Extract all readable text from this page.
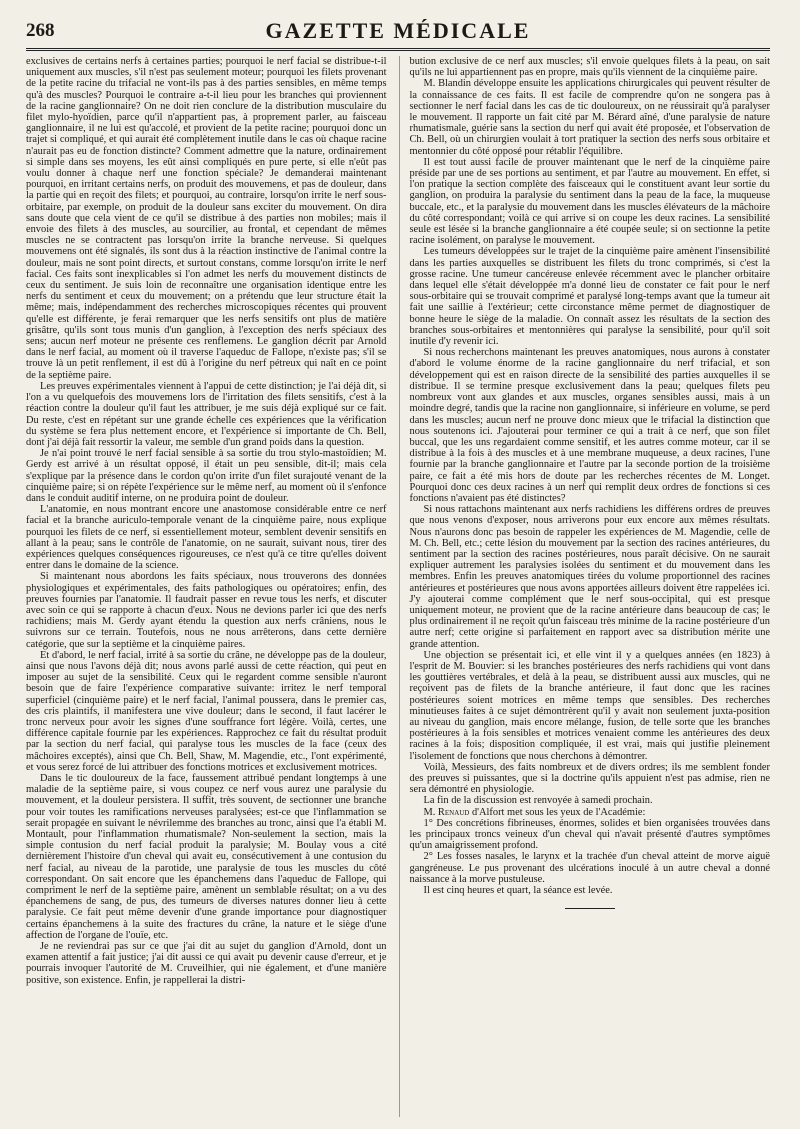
268	GAZETTE MÉDICALE

exclusives de certains nerfs à certaines parties; pourquoi le nerf facial se distribue-t-il uniquement aux muscles, s'il n'est pas seulement moteur; pourquoi les filets provenant de la petite racine du trifacial ne vont-ils pas à des parties sensibles, en même temps qu'à des muscles? Pourquoi le contraire a-t-il lieu pour les branches qui proviennent de la racine ganglionnaire? On ne doit rien conclure de la distribution musculaire du filet mylo-hyoïdien, parce qu'il n'appartient pas, à proprement parler, au faisceau ganglionnaire, il ne lui est qu'accolé, et provient de la petite racine; pourquoi donc un trajet si compliqué, et qui aurait été complètement inutile dans le cas où chaque racine n'aurait pas eu de fonction distincte? Comment admettre que la nature, ordinairement si simple dans ses moyens, les eût ainsi compliqués en pure perte, si elle n'eût pas voulu donner à chaque nerf une fonction spéciale? Je demanderai maintenant pourquoi, en irritant certains nerfs, on produit des mouvemens, et pas de douleur, dans la partie qui en reçoit des filets; et pourquoi, au contraire, lorsqu'on irrite le nerf sous-orbitaire, par exemple, on produit de la douleur sans exciter du mouvement. On dira sans doute que cela vient de ce qu'il se distribue à des parties non mobiles; mais il envoie des filets à des muscles, au sourcilier, au frontal, et cependant de mêmes muscles ne se contractent pas lorsqu'on irrite la branche nerveuse. Si quelques mouvemens ont été signalés, ils sont dus à la réaction instinctive de l'animal contre la douleur, mais ne sont point directs, et surtout constans, comme lorsqu'on irrite le nerf facial. Ces faits sont inexplicables si l'on admet les nerfs du mouvement distincts de ceux du sentiment. Je suis loin de reconnaître une organisation identique entre les nerfs du sentiment et ceux du mouvement; on a prétendu que leur structure était la même; mais, indépendamment des recherches microscopiques récentes qui prouvent qu'elle est différente, je ferai remarquer que les nerfs sensitifs ont plus de matière grisâtre, qu'ils sont tous munis d'un ganglion, à l'exception des nerfs spéciaux des sens; aucun nerf moteur ne présente ces renflemens. Le ganglion décrit par Arnold dans le nerf facial, au moment où il traverse l'aqueduc de Fallope, n'existe pas; s'il se trouve là un petit renflement, il est dû à l'origine du nerf pétreux qui naît en ce point de la septième paire.

Les preuves expérimentales viennent à l'appui de cette distinction; je l'ai déjà dit, si l'on a vu quelquefois des mouvemens lors de l'irritation des filets sensitifs, c'est à la réaction contre la douleur qu'il faut les attribuer, je me suis déjà expliqué sur ce fait. Du reste, c'est en répétant sur une grande échelle ces expériences que la vérification du système se fera plus nettement encore, et l'expérience si importante de Ch. Bell, dont j'ai déjà fait ressortir la valeur, me semble d'un grand poids dans la question.

Je n'ai point trouvé le nerf facial sensible à sa sortie du trou stylo-mastoïdien; M. Gerdy est arrivé à un résultat opposé, il était un peu sensible, dit-il; mais cela s'explique par la présence dans le cordon qu'on irrite d'un filet surajouté venant de la cinquième paire; si on répète l'expérience sur le même nerf, au moment où il s'enfonce dans le conduit auditif interne, on ne produira point de douleur.

L'anatomie, en nous montrant encore une anastomose considérable entre ce nerf facial et la branche auriculo-temporale venant de la cinquième paire, nous explique pourquoi les filets de ce nerf, si essentiellement moteur, semblent devenir sensitifs en allant à la peau; sans le contrôle de l'anatomie, on ne saurait, suivant nous, tirer des expériences quelques conséquences rigoureuses, ce n'est qu'à ce titre qu'elles doivent entrer dans le domaine de la science.

Si maintenant nous abordons les faits spéciaux, nous trouverons des données physiologiques et expérimentales, des faits pathologiques ou opératoires; enfin, des preuves fournies par l'anatomie. Il faudrait passer en revue tous les nerfs, et discuter avec soin ce qui se rapporte à chacun d'eux. Nous ne devions parler ici que des nerfs rachidiens; mais M. Gerdy ayant étendu la question aux nerfs crâniens, nous le suivrons sur ce terrain. Toutefois, nous ne nous arrêterons, dans cette dernière catégorie, que sur la septième et la cinquième paires.

Et d'abord, le nerf facial, irrité à sa sortie du crâne, ne développe pas de la douleur, ainsi que nous l'avons déjà dit; nous avons parlé aussi de cette réaction, qui peut en imposer au sujet de la sensibilité. Ceux qui le regardent comme sensible n'auront besoin que de faire l'expérience comparative suivante: irritez le nerf temporal superficiel (cinquième paire) et le nerf facial, l'animal poussera, dans le premier cas, des cris plaintifs, il manifestera une vive douleur; dans le second, il faut lacérer le tronc nerveux pour avoir les signes d'une souffrance fort légère. Voilà, certes, une différence capitale fournie par les expériences. Rapprochez ce fait du résultat produit par la section du nerf facial, qui paralyse tous les muscles de la face (ceux des mâchoires exceptés), ainsi que Ch. Bell, Shaw, M. Magendie, etc., l'ont expérimenté, et vous serez forcé de lui attribuer des fonctions motrices et exclusivement motrices.

Dans le tic douloureux de la face, faussement attribué pendant longtemps à une maladie de la septième paire, si vous coupez ce nerf vous aurez une paralysie du mouvement, et la douleur persistera. Il suffit, très souvent, de sectionner une branche pour voir toutes les ramifications nerveuses paralysées; est-ce que l'inflammation se serait propagée en suivant le névrilemme des branches au tronc, ainsi que l'a établi M. Montault, pour l'inflammation rhumatismale? Non-seulement la section, mais la simple contusion du nerf facial produit la paralysie; M. Boulay vous a cité dernièrement l'histoire d'un cheval qui avait eu, consécutivement à une contusion du nerf facial, au niveau de la parotide, une paralysie de tous les muscles du côté correspondant. On sait encore que les épanchemens dans l'aqueduc de Fallope, qui compriment le nerf de la septième paire, amènent un semblable résultat; on a vu des épanchemens de sang, de pus, des tumeurs de diverses natures donner lieu à cette paralysie. Ce fait peut même devenir d'une grande importance pour diagnostiquer certains épanchemens à la suite des fractures du crâne, la nature et le siège d'une affection de l'organe de l'ouïe, etc.

Je ne reviendrai pas sur ce que j'ai dit au sujet du ganglion d'Arnold, dont un examen attentif a fait justice; j'ai dit aussi ce qui avait pu devenir cause d'erreur, et je pourrais invoquer l'autorité de M. Cruveilhier, qui nie également, et d'une manière positive, son existence. Enfin, je rappellerai la distri-

bution exclusive de ce nerf aux muscles; s'il envoie quelques filets à la peau, on sait qu'ils ne lui appartiennent pas en propre, mais qu'ils viennent de la cinquième paire.

M. Blandin développe ensuite les applications chirurgicales qui peuvent résulter de la connaissance de ces faits. Il est facile de comprendre qu'on ne songera pas à sectionner le nerf facial dans les cas de tic douloureux, on ne réussirait qu'à paralyser le mouvement. Il rapporte un fait cité par M. Bérard aîné, d'une paralysie de nature rhumatismale, guérie sans la section du nerf qui avait été proposée, et l'observation de Ch. Bell, où un chirurgien voulait à tort pratiquer la section des nerfs sous orbitaire et mentonnier du côté opposé pour rétablir l'équilibre.

Il est tout aussi facile de prouver maintenant que le nerf de la cinquième paire préside par une de ses portions au sentiment, et par l'autre au mouvement. En effet, si l'on pratique la section complète des faisceaux qui le constituent avant leur sortie du ganglion, on produira la paralysie du sentiment dans la peau de la face, la muqueuse buccale, etc., et la paralysie du mouvement dans les muscles élévateurs de la mâchoire du côté correspondant; voilà ce qui arrive si on coupe les deux racines. La sensibilité seule est lésée si la branche ganglionnaire a été coupée seule; si on sectionne la petite racine isolément, on paralyse le mouvement.

Les tumeurs développées sur le trajet de la cinquième paire amènent l'insensibilité dans les parties auxquelles se distribuent les filets du tronc comprimés, si c'est la grosse racine. Une tumeur cancéreuse enlevée récemment avec le plancher orbitaire dans lequel elle s'était développée m'a donné lieu de constater ce fait pour le nerf sous-orbitaire qui se trouvait comprimé et paralysé long-temps avant que la tumeur ait fait une saillie à l'extérieur; cette circonstance même permet de diagnostiquer de bonne heure le siège de la maladie. On connaît assez les résultats de la section des branches sous-orbitaires et mentonnières qui paralyse la sensibilité, pour qu'il soit inutile d'y revenir ici.

Si nous recherchons maintenant les preuves anatomiques, nous aurons à constater d'abord le volume énorme de la racine ganglionnaire du nerf trifacial, et son développement qui est en raison directe de la sensibilité des parties auxquelles il se distribue. Il se termine presque exclusivement dans la peau; quelques filets peu nombreux vont aux glandes et aux muscles, organes sensibles aussi, mais à un moindre degré, tandis que la racine non ganglionnaire, si inférieure en volume, se perd dans les muscles; aucun nerf ne prouve donc mieux que le trifacial la distinction que nous soutenons ici. J'ajouterai pour terminer ce qui a trait à ce nerf, que son filet buccal, que les uns regardaient comme sensitif, et les autres comme moteur, car il se distribue à la fois à des muscles et à une membrane muqueuse, a deux racines, l'une fournie par la branche ganglionnaire et l'autre par la seconde portion de la troisième paire, ce fait a été mis hors de doute par les recherches récentes de M. Longet. Pourquoi donc ces deux racines à un nerf qui remplit deux ordres de fonctions si ces fonctions n'avaient pas été distinctes?

Si nous rattachons maintenant aux nerfs rachidiens les différens ordres de preuves que nous venons d'exposer, nous arriverons pour eux encore aux mêmes résultats. Nous n'aurons donc pas besoin de rappeler les expériences de M. Magendie, celle de M. Ch. Bell, etc.; cette lésion du mouvement par la section des racines antérieures, du sentiment par la section des racines postérieures, nous paraît décisive. On ne saurait expliquer autrement les paralysies isolées du sentiment et du mouvement dans les membres. Enfin les preuves anatomiques tirées du volume proportionnel des racines antérieures et postérieures que nous avons apportées ailleurs doivent être rappelées ici. J'y ajouterai comme complément que le nerf sous-occipital, qui est presque uniquement moteur, ne provient que de la racine antérieure dans beaucoup de cas; le plus ordinairement il ne reçoit qu'un faisceau très minime de la racine postérieure d'un autre nerf; cette origine si parfaitement en rapport avec sa distribution mérite une grande attention.

Une objection se présentait ici, et elle vint il y a quelques années (en 1823) à l'esprit de M. Bouvier: si les branches postérieures des nerfs rachidiens qui vont dans les gouttières vertébrales, et delà à la peau, se distribuent aussi aux muscles, qui ne reçoivent pas de filets de la branche antérieure, il faut donc que les racines postérieures soient motrices en même temps que sensibles. Des recherches minutieuses faites à ce sujet démontrèrent qu'il y avait non seulement juxta-position au niveau du ganglion, mais encore mélange, fusion, de telle sorte que les branches postérieures à la fois sensibles et motrices venaient comme les antérieures des deux racines à la fois; disposition compliquée, il est vrai, mais qui justifie pleinement l'isolement de fonctions que nous cherchons à démontrer.

Voilà, Messieurs, des faits nombreux et de divers ordres; ils me semblent fonder des preuves si puissantes, que si la doctrine qu'ils appuient n'est pas admise, rien ne sera démontré en physiologie.

La fin de la discussion est renvoyée à samedi prochain.

M. Renaud d'Alfort met sous les yeux de l'Académie:

1° Des concrétions fibrineuses, énormes, solides et bien organisées trouvées dans les principaux troncs veineux d'un cheval qui n'avait présenté d'autres symptômes qu'un amaigrissement profond.

2° Les fosses nasales, le larynx et la trachée d'un cheval atteint de morve aiguë gangréneuse. Le pus provenant des ulcérations inoculé à un autre cheval a donné naissance à la morve pustuleuse.

Il est cinq heures et quart, la séance est levée.
